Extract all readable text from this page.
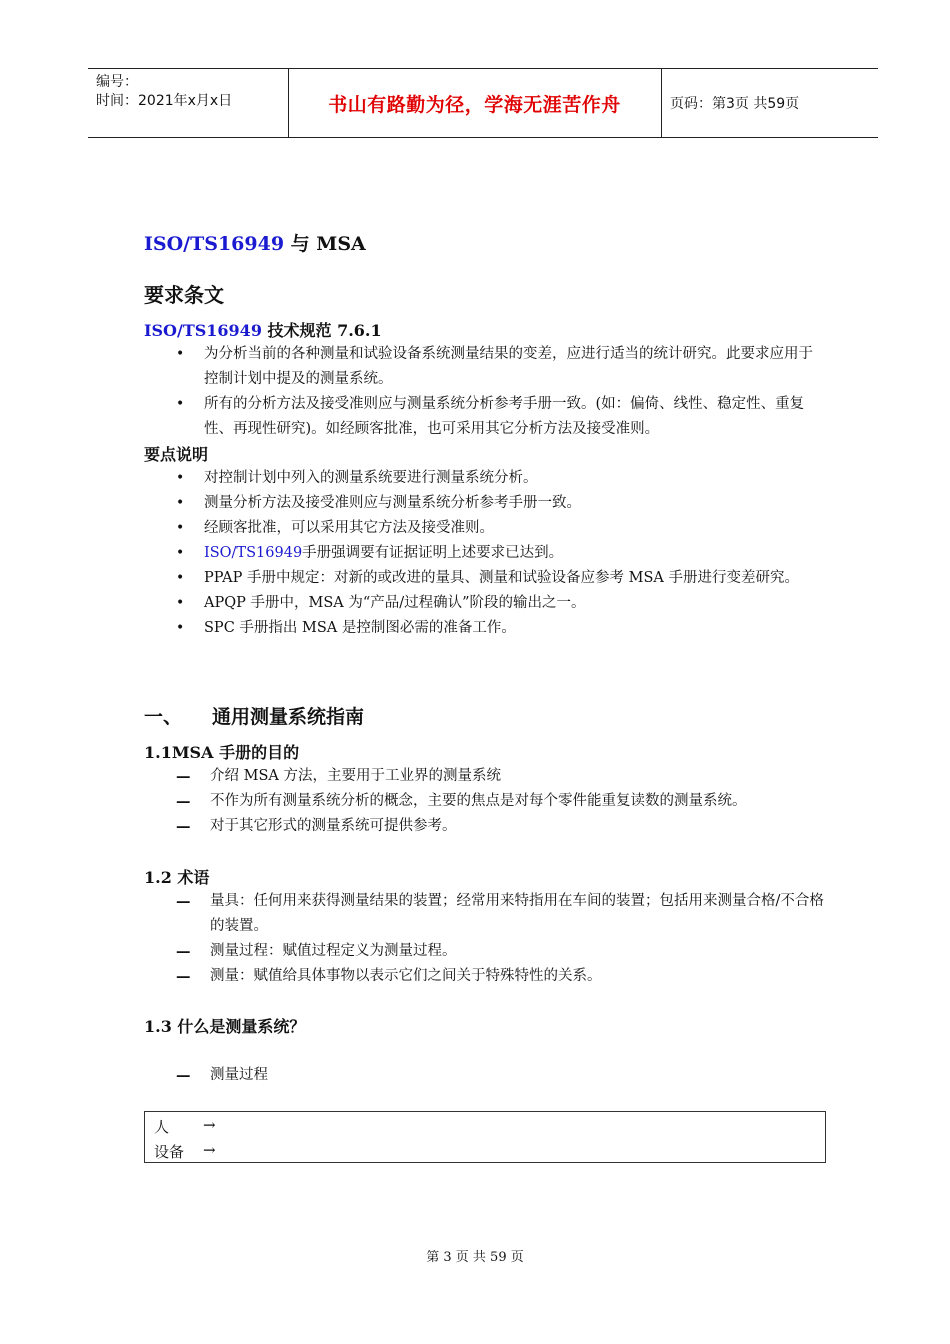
编号：
时间：2021年x月x日	书山有路勤为径，学海无涯苦作舟	页码：第3页 共59页
ISO/TS16949 与 MSA
要求条文
ISO/TS16949 技术规范 7.6.1
• 为分析当前的各种测量和试验设备系统测量结果的变差，应进行适当的统计研究。此要求应用于控制计划中提及的测量系统。
• 所有的分析方法及接受准则应与测量系统分析参考手册一致。(如：偏倚、线性、稳定性、重复性、再现性研究)。如经顾客批准，也可采用其它分析方法及接受准则。
要点说明
• 对控制计划中列入的测量系统要进行测量系统分析。
• 测量分析方法及接受准则应与测量系统分析参考手册一致。
• 经顾客批准，可以采用其它方法及接受准则。
• ISO/TS16949手册强调要有证据证明上述要求已达到。
• PPAP 手册中规定：对新的或改进的量具、测量和试验设备应参考 MSA 手册进行变差研究。
• APQP 手册中，MSA 为“产品/过程确认”阶段的输出之一。
• SPC 手册指出 MSA 是控制图必需的准备工作。
一、 通用测量系统指南
1.1MSA 手册的目的
— 介绍 MSA 方法，主要用于工业界的测量系统
— 不作为所有测量系统分析的概念，主要的焦点是对每个零件能重复读数的测量系统。
— 对于其它形式的测量系统可提供参考。
1.2 术语
— 量具：任何用来获得测量结果的装置；经常用来特指用在车间的装置；包括用来测量合格/不合格的装置。
— 测量过程：赋值过程定义为测量过程。
— 测量：赋值给具体事物以表示它们之间关于特殊特性的关系。
1.3 什么是测量系统？
— 测量过程
人 →
设备 →
第 3 页 共 59 页
